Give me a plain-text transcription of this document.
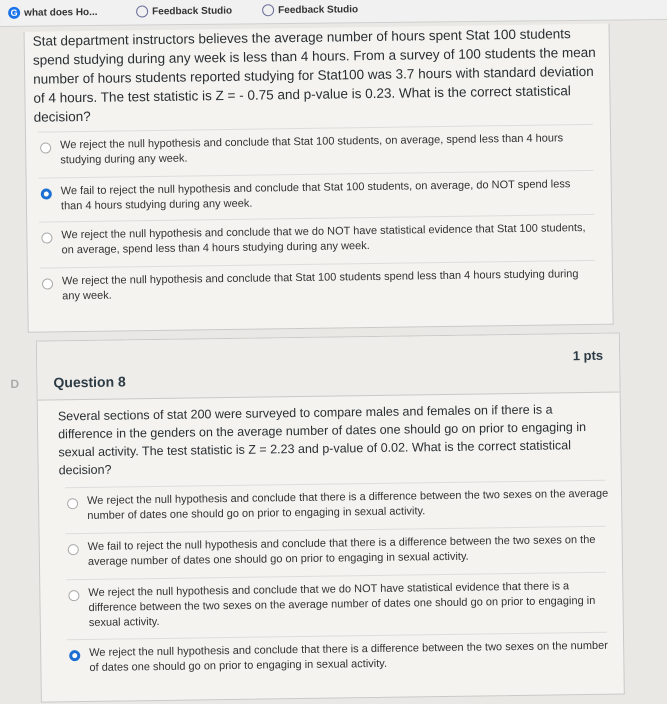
G what does Ho...	Feedback Studio	Feedback Studio
Stat department instructors believes the average number of hours spent Stat 100 students spend studying during any week is less than 4 hours. From a survey of 100 students the mean number of hours students reported studying for Stat100 was 3.7 hours with standard deviation of 4 hours. The test statistic is Z = - 0.75 and p-value is 0.23. What is the correct statistical decision?
We reject the null hypothesis and conclude that Stat 100 students, on average, spend less than 4 hours studying during any week.
We fail to reject the null hypothesis and conclude that Stat 100 students, on average, do NOT spend less than 4 hours studying during any week.
We reject the null hypothesis and conclude that we do NOT have statistical evidence that Stat 100 students, on average, spend less than 4 hours studying during any week.
We reject the null hypothesis and conclude that Stat 100 students spend less than 4 hours studying during any week.
Question 8
1 pts
Several sections of stat 200 were surveyed to compare males and females on if there is a difference in the genders on the average number of dates one should go on prior to engaging in sexual activity. The test statistic is Z = 2.23 and p-value of 0.02. What is the correct statistical decision?
We reject the null hypothesis and conclude that there is a difference between the two sexes on the average number of dates one should go on prior to engaging in sexual activity.
We fail to reject the null hypothesis and conclude that there is a difference between the two sexes on the average number of dates one should go on prior to engaging in sexual activity.
We reject the null hypothesis and conclude that we do NOT have statistical evidence that there is a difference between the two sexes on the average number of dates one should go on prior to engaging in sexual activity.
We reject the null hypothesis and conclude that there is a difference between the two sexes on the number of dates one should go on prior to engaging in sexual activity.
D
